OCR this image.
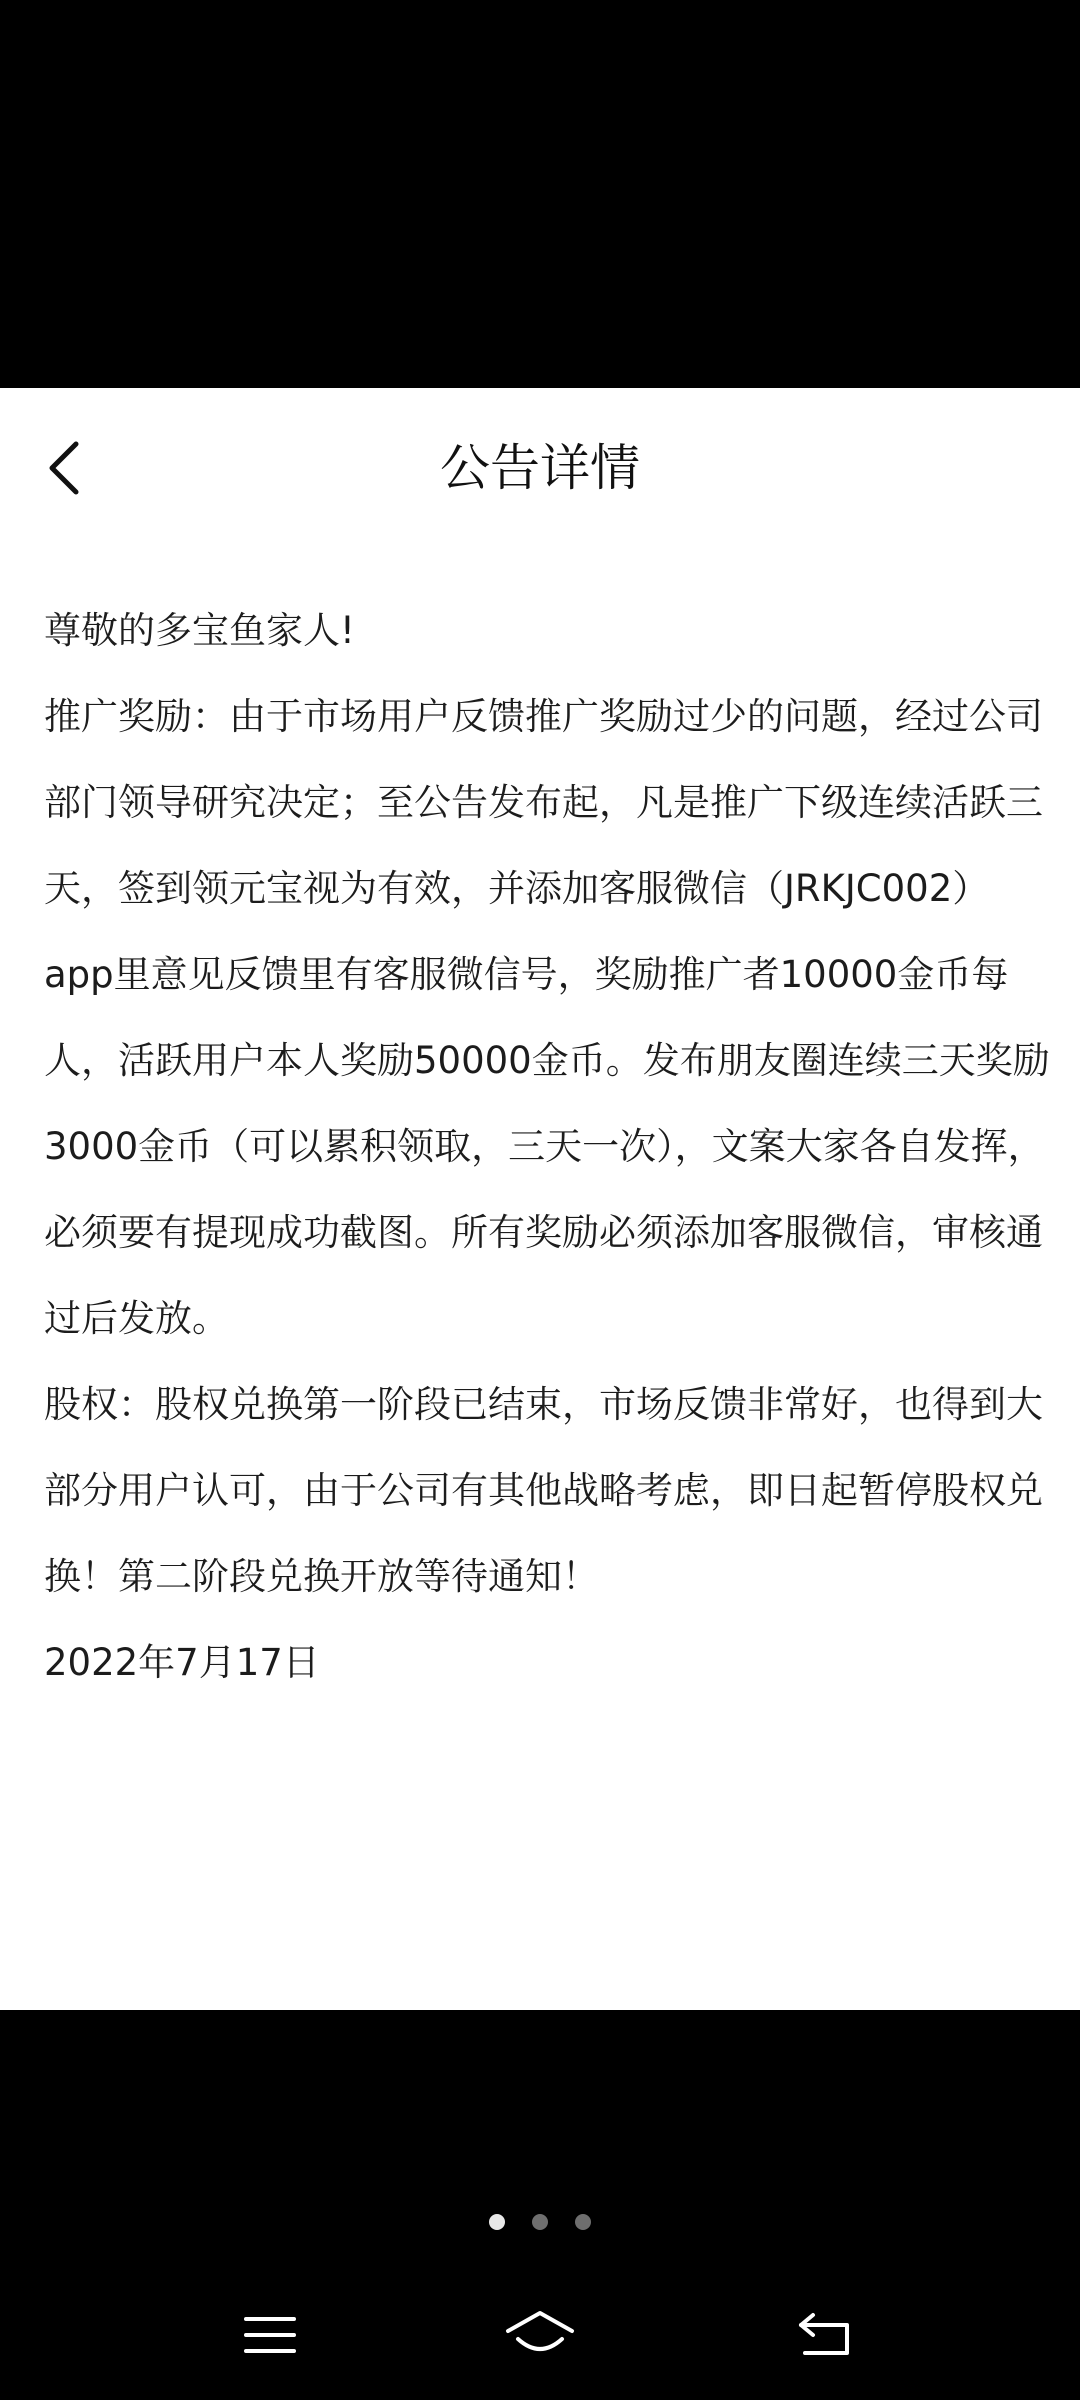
公告详情

尊敬的多宝鱼家人!

推广奖励：由于市场用户反馈推广奖励过少的问题，经过公司部门领导研究决定；至公告发布起，凡是推广下级连续活跃三天，签到领元宝视为有效，并添加客服微信（JRKJC002）app里意见反馈里有客服微信号，奖励推广者10000金币每人，活跃用户本人奖励50000金币。发布朋友圈连续三天奖励3000金币（可以累积领取，三天一次），文案大家各自发挥，必须要有提现成功截图。所有奖励必须添加客服微信，审核通过后发放。

股权：股权兑换第一阶段已结束，市场反馈非常好，也得到大部分用户认可，由于公司有其他战略考虑，即日起暂停股权兑换！第二阶段兑换开放等待通知！

2022年7月17日
